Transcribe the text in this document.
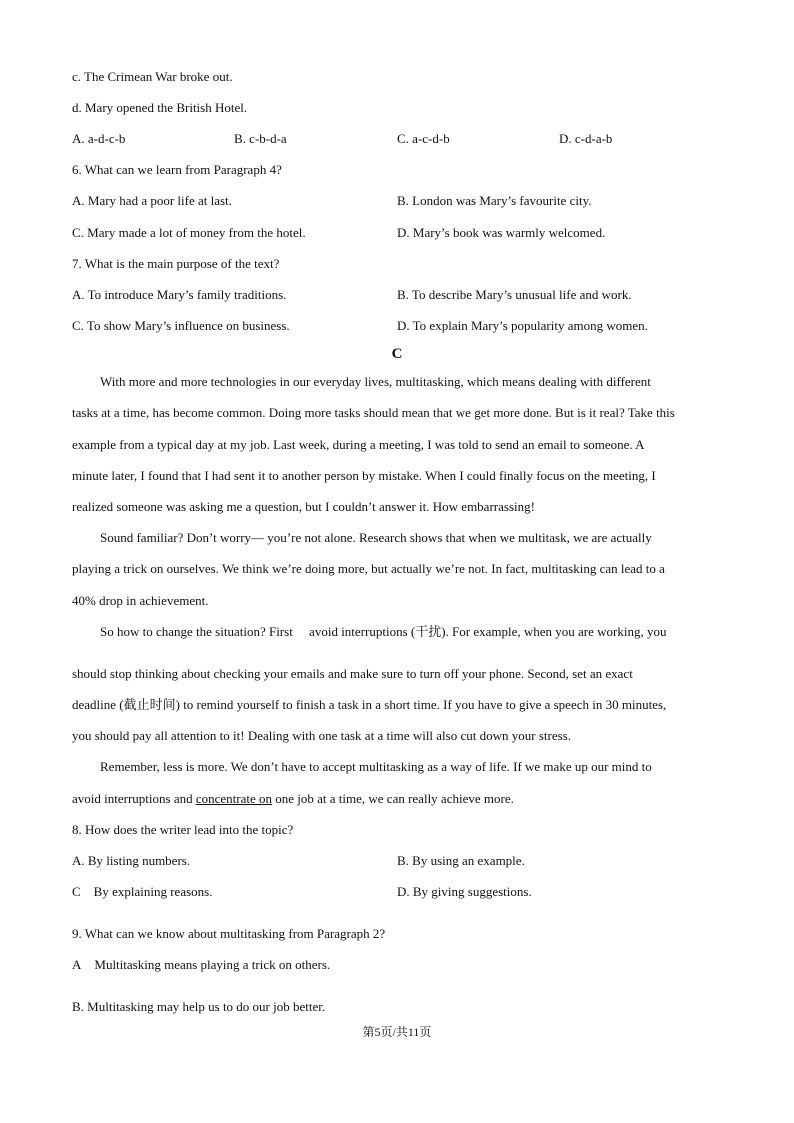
c. The Crimean War broke out.
d. Mary opened the British Hotel.
A. a-d-c-b	B. c-b-d-a	C. a-c-d-b	D. c-d-a-b
6. What can we learn from Paragraph 4?
A. Mary had a poor life at last.	B. London was Mary’s favourite city.
C. Mary made a lot of money from the hotel.	D. Mary’s book was warmly welcomed.
7. What is the main purpose of the text?
A. To introduce Mary’s family traditions.	B. To describe Mary’s unusual life and work.
C. To show Mary’s influence on business.	D. To explain Mary’s popularity among women.
C
With more and more technologies in our everyday lives, multitasking, which means dealing with different
tasks at a time, has become common. Doing more tasks should mean that we get more done. But is it real? Take this
example from a typical day at my job. Last week, during a meeting, I was told to send an email to someone. A
minute later, I found that I had sent it to another person by mistake. When I could finally focus on the meeting, I
realized someone was asking me a question, but I couldn’t answer it. How embarrassing!
Sound familiar? Don’t worry— you’re not alone. Research shows that when we multitask, we are actually
playing a trick on ourselves. We think we’re doing more, but actually we’re not. In fact, multitasking can lead to a
40% drop in achievement.
So how to change the situation? First  avoid interruptions (干扰). For example, when you are working, you
should stop thinking about checking your emails and make sure to turn off your phone. Second, set an exact
deadline (截止时间) to remind yourself to finish a task in a short time. If you have to give a speech in 30 minutes,
you should pay all attention to it! Dealing with one task at a time will also cut down your stress.
Remember, less is more. We don’t have to accept multitasking as a way of life. If we make up our mind to
avoid interruptions and concentrate on one job at a time, we can really achieve more.
8. How does the writer lead into the topic?
A. By listing numbers.	B. By using an example.
C By explaining reasons.	D. By giving suggestions.
9. What can we know about multitasking from Paragraph 2?
A Multitasking means playing a trick on others.
B. Multitasking may help us to do our job better.
第5页/共11页
